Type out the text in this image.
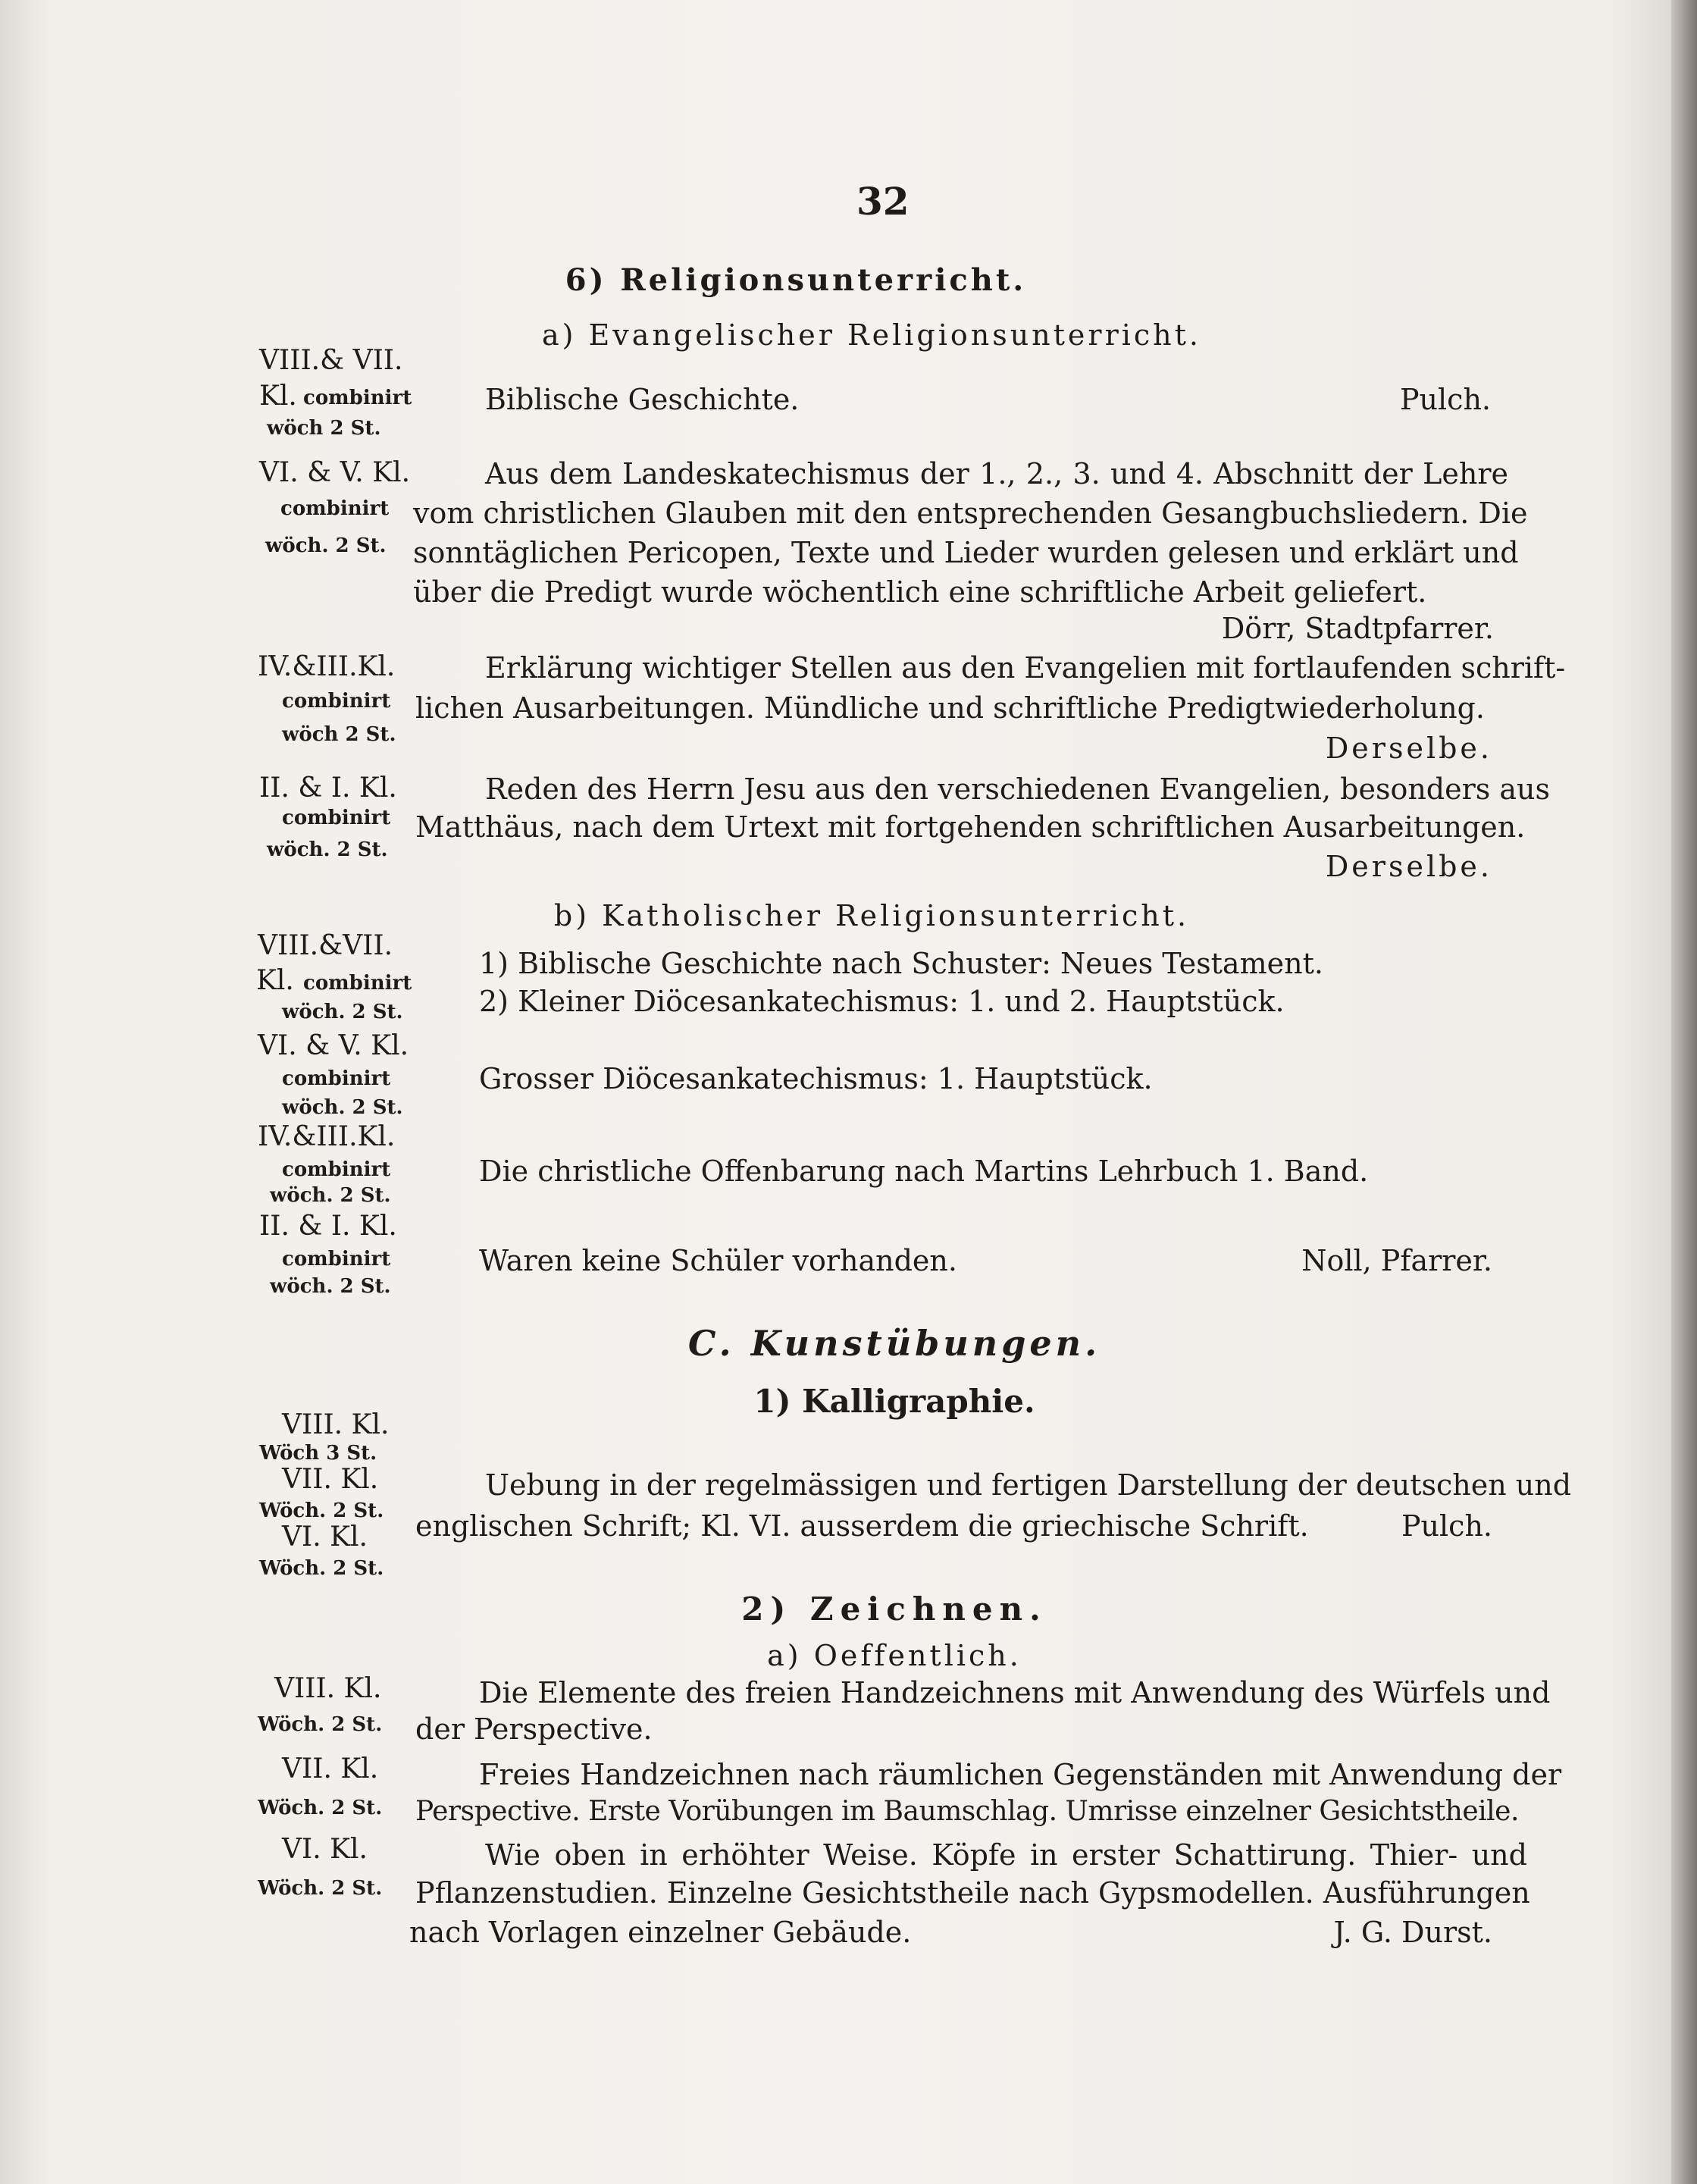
32
6) Religionsunterricht.
a) Evangelischer Religionsunterricht.
VIII.& VII.
Kl. combinirt
wöch 2 St.
Biblische Geschichte.	Pulch.
VI. & V. Kl.
combinirt
wöch. 2 St.
Aus dem Landeskatechismus der 1., 2., 3. und 4. Abschnitt der Lehre
vom christlichen Glauben mit den entsprechenden Gesangbuchsliedern. Die
sonntäglichen Pericopen, Texte und Lieder wurden gelesen und erklärt und
über die Predigt wurde wöchentlich eine schriftliche Arbeit geliefert.
Dörr, Stadtpfarrer.
IV.&III.Kl.
combinirt
wöch 2 St.
Erklärung wichtiger Stellen aus den Evangelien mit fortlaufenden schrift-
lichen Ausarbeitungen. Mündliche und schriftliche Predigtwiederholung.
Derselbe.
II. & I. Kl.
combinirt
wöch. 2 St.
Reden des Herrn Jesu aus den verschiedenen Evangelien, besonders aus
Matthäus, nach dem Urtext mit fortgehenden schriftlichen Ausarbeitungen.
Derselbe.
b) Katholischer Religionsunterricht.
VIII.&VII.
Kl. combinirt
wöch. 2 St.
1) Biblische Geschichte nach Schuster: Neues Testament.
2) Kleiner Diöcesankatechismus: 1. und 2. Hauptstück.
VI. & V. Kl.
combinirt
wöch. 2 St.
Grosser Diöcesankatechismus: 1. Hauptstück.
IV.&III.Kl.
combinirt
wöch. 2 St.
Die christliche Offenbarung nach Martins Lehrbuch 1. Band.
II. & I. Kl.
combinirt
wöch. 2 St.
Waren keine Schüler vorhanden.	Noll, Pfarrer.
C. Kunstübungen.
1) Kalligraphie.
VIII. Kl.
Wöch 3 St.
VII. Kl.
Wöch. 2 St.
VI. Kl.
Wöch. 2 St.
Uebung in der regelmässigen und fertigen Darstellung der deutschen und
englischen Schrift; Kl. VI. ausserdem die griechische Schrift.	Pulch.
2) Zeichnen.
a) Oeffentlich.
VIII. Kl.
Wöch. 2 St.
Die Elemente des freien Handzeichnens mit Anwendung des Würfels und
der Perspective.
VII. Kl.
Wöch. 2 St.
Freies Handzeichnen nach räumlichen Gegenständen mit Anwendung der
Perspective. Erste Vorübungen im Baumschlag. Umrisse einzelner Gesichtstheile.
VI. Kl.
Wöch. 2 St.
Wie oben in erhöhter Weise. Köpfe in erster Schattirung. Thier- und
Pflanzenstudien. Einzelne Gesichtstheile nach Gypsmodellen. Ausführungen
nach Vorlagen einzelner Gebäude.	J. G. Durst.
